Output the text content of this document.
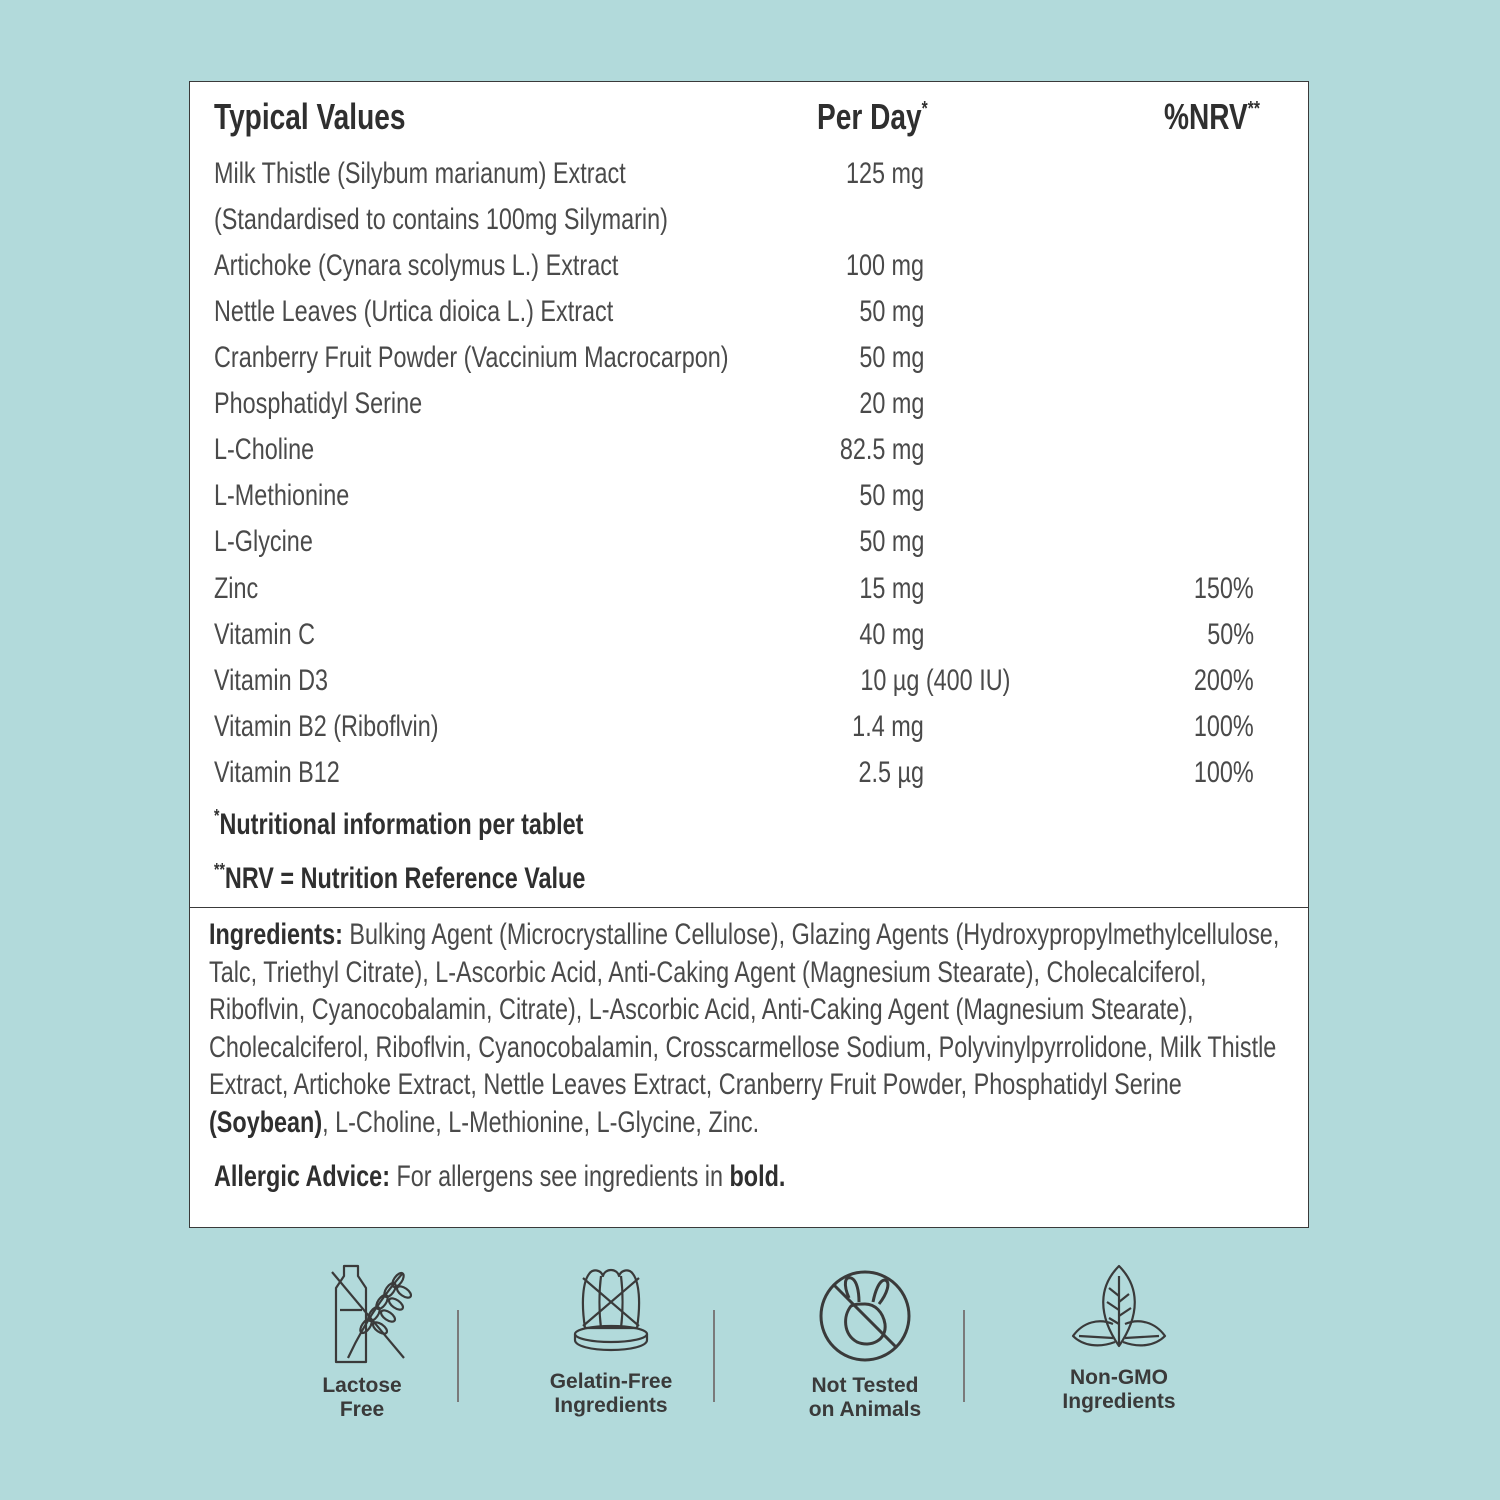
Typical Values	Per Day*	%NRV**
Milk Thistle (Silybum marianum) Extract	125 mg
(Standardised to contains 100mg Silymarin)
Artichoke (Cynara scolymus L.) Extract	100 mg
Nettle Leaves (Urtica dioica L.) Extract	50 mg
Cranberry Fruit Powder (Vaccinium Macrocarpon)	50 mg
Phosphatidyl Serine	20 mg
L-Choline	82.5 mg
L-Methionine	50 mg
L-Glycine	50 mg
Zinc	15 mg	150%
Vitamin C	40 mg	50%
Vitamin D3	10 µg (400 IU)	200%
Vitamin B2 (Riboflvin)	1.4 mg	100%
Vitamin B12	2.5 µg	100%
*Nutritional information per tablet
**NRV = Nutrition Reference Value
Ingredients: Bulking Agent (Microcrystalline Cellulose), Glazing Agents (Hydroxypropylmethylcellulose,
Talc, Triethyl Citrate), L-Ascorbic Acid, Anti-Caking Agent (Magnesium Stearate), Cholecalciferol,
Riboflvin, Cyanocobalamin, Citrate), L-Ascorbic Acid, Anti-Caking Agent (Magnesium Stearate),
Cholecalciferol, Riboflvin, Cyanocobalamin, Crosscarmellose Sodium, Polyvinylpyrrolidone, Milk Thistle
Extract, Artichoke Extract, Nettle Leaves Extract, Cranberry Fruit Powder, Phosphatidyl Serine
(Soybean), L-Choline, L-Methionine, L-Glycine, Zinc.
Allergic Advice: For allergens see ingredients in bold.
Lactose
Free
Gelatin-Free
Ingredients
Not Tested
on Animals
Non-GMO
Ingredients
